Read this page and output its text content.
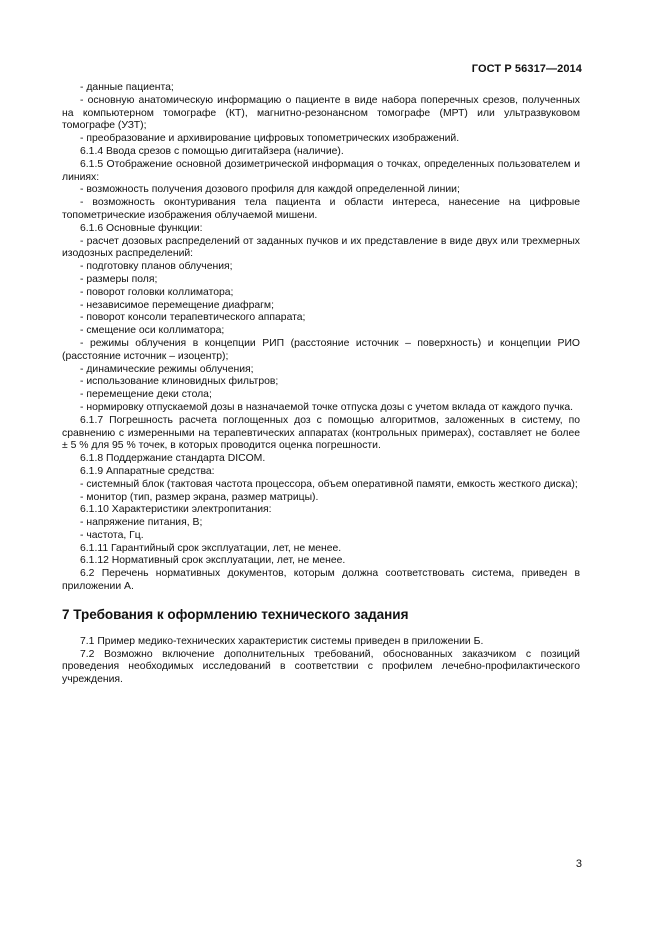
ГОСТ Р 56317—2014

- данные пациента;

- основную анатомическую информацию о пациенте в виде набора поперечных срезов, полученных на компьютерном томографе (КТ), магнитно-резонансном томографе (МРТ) или ультразвуковом томографе (УЗТ);

- преобразование и архивирование цифровых топометрических изображений.

6.1.4 Ввода срезов с помощью дигитайзера (наличие).

6.1.5 Отображение основной дозиметрической информация о точках, определенных пользователем и линиях:

- возможность получения дозового профиля для каждой определенной линии;

- возможность оконтуривания тела пациента и области интереса, нанесение на цифровые топометрические изображения облучаемой мишени.

6.1.6 Основные функции:

- расчет дозовых распределений от заданных пучков и их представление в виде двух или трехмерных изодозных распределений:

- подготовку планов облучения;

- размеры поля;

- поворот головки коллиматора;

- независимое перемещение диафрагм;

- поворот консоли терапевтического аппарата;

- смещение оси коллиматора;

- режимы облучения в концепции РИП (расстояние источник – поверхность) и концепции РИО (расстояние источник – изоцентр);

- динамические режимы облучения;

- использование клиновидных фильтров;

- перемещение деки стола;

- нормировку отпускаемой дозы в назначаемой точке отпуска дозы с учетом вклада от каждого пучка.

6.1.7 Погрешность расчета поглощенных доз с помощью алгоритмов, заложенных в систему, по сравнению с измеренными на терапевтических аппаратах (контрольных примерах), составляет не более ± 5 % для 95 % точек, в которых проводится оценка погрешности.

6.1.8 Поддержание стандарта DICOM.

6.1.9 Аппаратные средства:

- системный блок (тактовая частота процессора, объем оперативной памяти, емкость жесткого диска);

- монитор (тип, размер экрана, размер матрицы).

6.1.10 Характеристики электропитания:

- напряжение питания, В;

- частота, Гц.

6.1.11 Гарантийный срок эксплуатации, лет, не менее.

6.1.12 Нормативный срок эксплуатации, лет, не менее.

6.2 Перечень нормативных документов, которым должна соответствовать система, приведен в приложении А.

7 Требования к оформлению технического задания

7.1 Пример медико-технических характеристик системы приведен в приложении Б.

7.2 Возможно включение дополнительных требований, обоснованных заказчиком с позиций проведения необходимых исследований в соответствии с профилем лечебно-профилактического учреждения.

3
